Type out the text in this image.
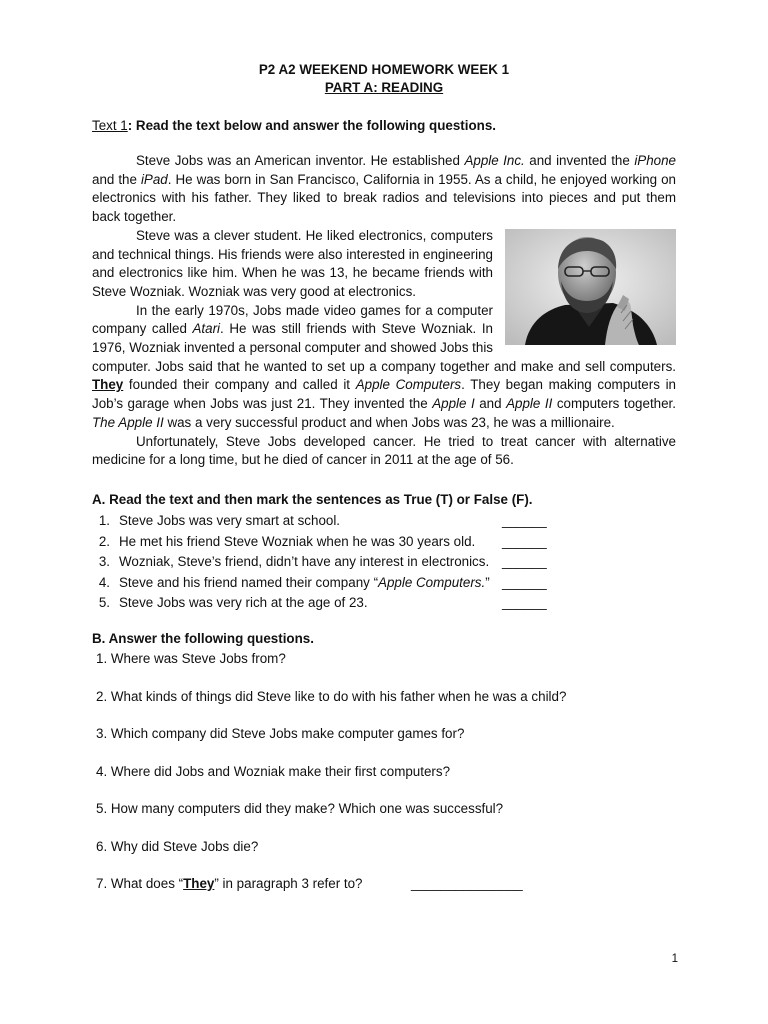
P2 A2 WEEKEND HOMEWORK WEEK 1
PART A: READING
Text 1: Read the text below and answer the following questions.

Steve Jobs was an American inventor. He established Apple Inc. and invented the iPhone and the iPad. He was born in San Francisco, California in 1955. As a child, he enjoyed working on electronics with his father. They liked to break radios and televisions into pieces and put them back together.

Steve was a clever student. He liked electronics, computers and technical things. His friends were also interested in engineering and electronics like him. When he was 13, he became friends with Steve Wozniak. Wozniak was very good at electronics.

In the early 1970s, Jobs made video games for a computer company called Atari. He was still friends with Steve Wozniak. In 1976, Wozniak invented a personal computer and showed Jobs this computer. Jobs said that he wanted to set up a company together and make and sell computers. They founded their company and called it Apple Computers. They began making computers in Job’s garage when Jobs was just 21. They invented the Apple I and Apple II computers together. The Apple II was a very successful product and when Jobs was 23, he was a millionaire.

Unfortunately, Steve Jobs developed cancer. He tried to treat cancer with alternative medicine for a long time, but he died of cancer in 2011 at the age of 56.

A. Read the text and then mark the sentences as True (T) or False (F).
1. Steve Jobs was very smart at school.	______
2. He met his friend Steve Wozniak when he was 30 years old. ______
3. Wozniak, Steve’s friend, didn’t have any interest in electronics. ______
4. Steve and his friend named their company “Apple Computers.” ______
5. Steve Jobs was very rich at the age of 23.	______
B. Answer the following questions.
1. Where was Steve Jobs from?
2. What kinds of things did Steve like to do with his father when he was a child?
3. Which company did Steve Jobs make computer games for?
4. Where did Jobs and Wozniak make their first computers?
5. How many computers did they make? Which one was successful?
6. Why did Steve Jobs die?
7. What does “They” in paragraph 3 refer to?	_______________
1
